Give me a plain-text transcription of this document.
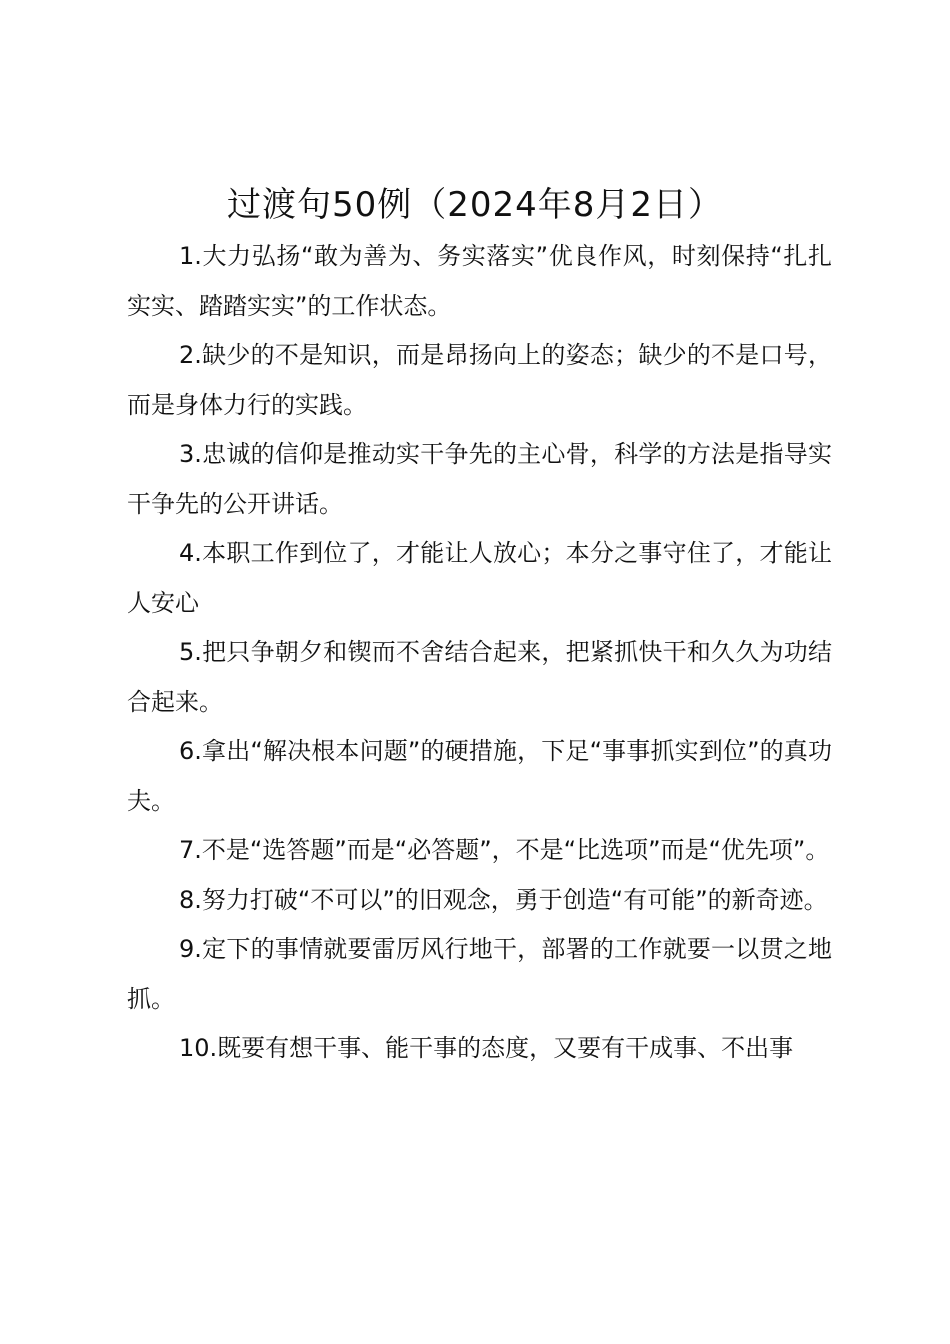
过渡句50例（2024年8月2日）

1.大力弘扬“敢为善为、务实落实”优良作风，时刻保持“扎扎实实、踏踏实实”的工作状态。

2.缺少的不是知识，而是昂扬向上的姿态；缺少的不是口号，而是身体力行的实践。

3.忠诚的信仰是推动实干争先的主心骨，科学的方法是指导实干争先的公开讲话。

4.本职工作到位了，才能让人放心；本分之事守住了，才能让人安心

5.把只争朝夕和锲而不舍结合起来，把紧抓快干和久久为功结合起来。

6.拿出“解决根本问题”的硬措施，下足“事事抓实到位”的真功夫。

7.不是“选答题”而是“必答题”，不是“比选项”而是“优先项”。

8.努力打破“不可以”的旧观念，勇于创造“有可能”的新奇迹。

9.定下的事情就要雷厉风行地干，部署的工作就要一以贯之地抓。

10.既要有想干事、能干事的态度，又要有干成事、不出事
